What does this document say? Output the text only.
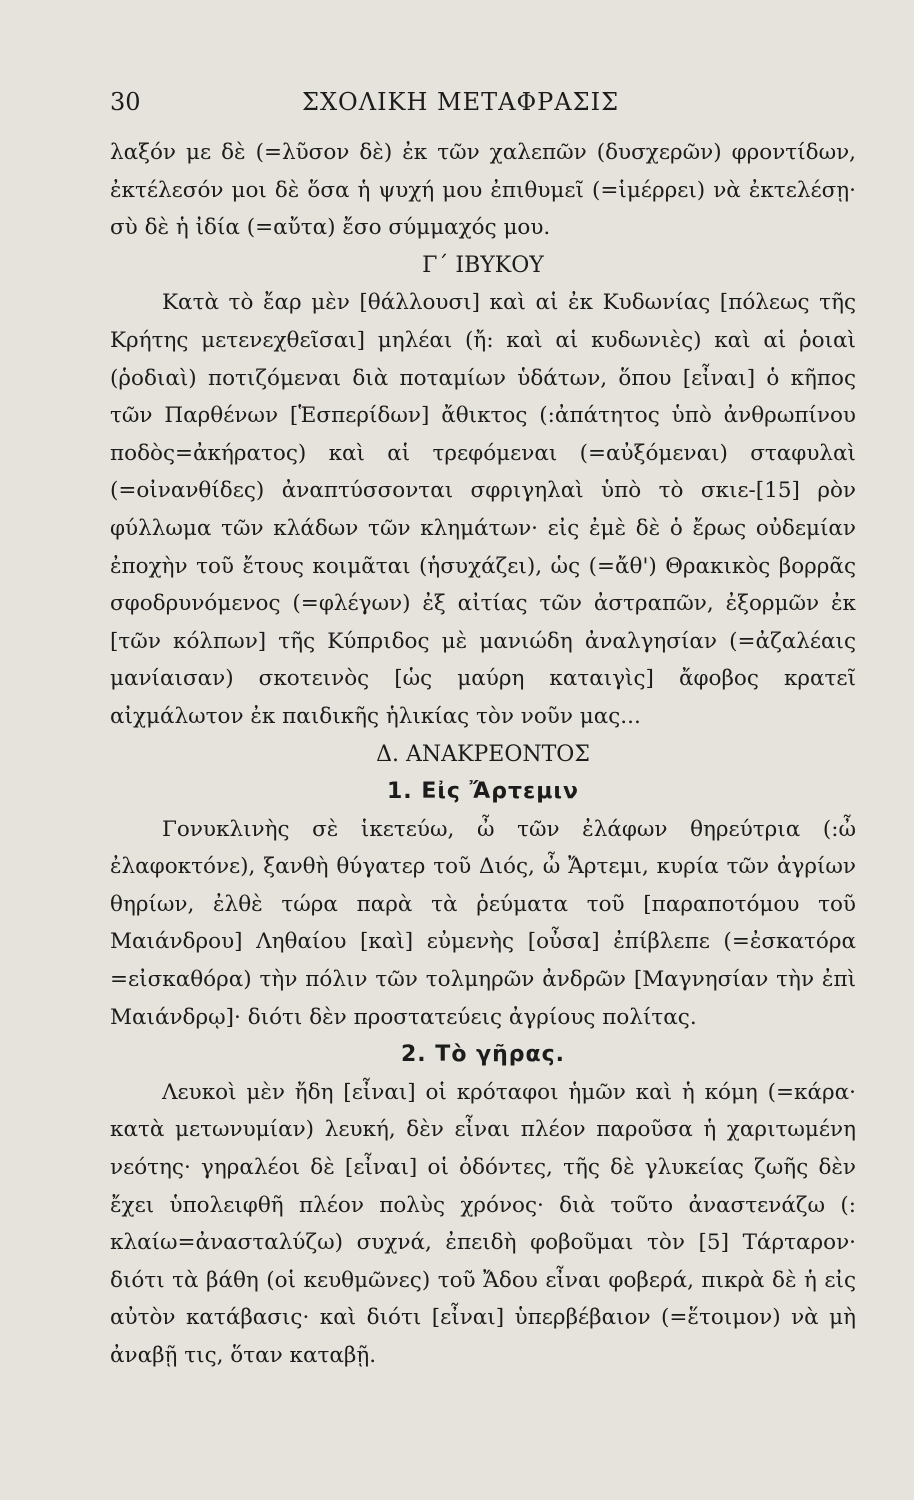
30	ΣΧΟΛΙΚΗ ΜΕΤΑΦΡΑΣΙΣ

λαξόν με δὲ (=λῦσον δὲ) ἐκ τῶν χαλεπῶν (δυσχερῶν) φροντίδων, ἐκτέλεσόν μοι δὲ ὅσα ἡ ψυχή μου ἐπιθυμεῖ (=ἱμέρρει) νὰ ἐκτελέσῃ· σὺ δὲ ἡ ἰδία (=αὔτα) ἔσο σύμμαχός μου.

Γ΄ ΙΒΥΚΟΥ

Κατὰ τὸ ἔαρ μὲν [θάλλουσι] καὶ αἱ ἐκ Κυδωνίας [πόλεως τῆς Κρήτης μετενεχθεῖσαι] μηλέαι (ἤ: καὶ αἱ κυδωνιὲς) καὶ αἱ ῥοιαὶ (ῥοδιαὶ) ποτιζόμεναι διὰ ποταμίων ὑδάτων, ὅπου [εἶναι] ὁ κῆπος τῶν Παρθένων [Ἑσπερίδων] ἄθικτος (:ἀπάτητος ὑπὸ ἀνθρωπίνου ποδὸς=ἀκήρατος) καὶ αἱ τρεφόμεναι (=αὐξόμεναι) σταφυλαὶ (=οἰνανθίδες) ἀναπτύσσονται σφριγηλαὶ ὑπὸ τὸ σκιε-[15] ρὸν φύλλωμα τῶν κλάδων τῶν κλημάτων· εἰς ἐμὲ δὲ ὁ ἔρως οὐδεμίαν ἐποχὴν τοῦ ἔτους κοιμᾶται (ἡσυχάζει), ὡς (=ἄθ') Θρακικὸς βορρᾶς σφοδρυνόμενος (=φλέγων) ἐξ αἰτίας τῶν ἀστραπῶν, ἐξορμῶν ἐκ [τῶν κόλπων] τῆς Κύπριδος μὲ μανιώδη ἀναλγησίαν (=ἀζαλέαις μανίαισαν) σκοτεινὸς [ὡς μαύρη καταιγὶς] ἄφοβος κρατεῖ αἰχμάλωτον ἐκ παιδικῆς ἡλικίας τὸν νοῦν μας...

Δ. ΑΝΑΚΡΕΟΝΤΟΣ

1. Εἰς Ἄρτεμιν

Γονυκλινὴς σὲ ἱκετεύω, ὦ τῶν ἐλάφων θηρεύτρια (:ὦ ἐλαφοκτόνε), ξανθὴ θύγατερ τοῦ Διός, ὦ Ἄρτεμι, κυρία τῶν ἀγρίων θηρίων, ἐλθὲ τώρα παρὰ τὰ ῥεύματα τοῦ [παραποτόμου τοῦ Μαιάνδρου] Ληθαίου [καὶ] εὐμενὴς [οὖσα] ἐπίβλεπε (=ἐσκατόρα =εἰσκαθόρα) τὴν πόλιν τῶν τολμηρῶν ἀνδρῶν [Μαγνησίαν τὴν ἐπὶ Μαιάνδρῳ]· διότι δὲν προστατεύεις ἀγρίους πολίτας.

2. Τὸ γῆρας.

Λευκοὶ μὲν ἤδη [εἶναι] οἱ κρόταφοι ἡμῶν καὶ ἡ κόμη (=κάρα· κατὰ μετωνυμίαν) λευκή, δὲν εἶναι πλέον παροῦσα ἡ χαριτωμένη νεότης· γηραλέοι δὲ [εἶναι] οἱ ὀδόντες, τῆς δὲ γλυκείας ζωῆς δὲν ἔχει ὑπολειφθῆ πλέον πολὺς χρόνος· διὰ τοῦτο ἀναστενάζω (: κλαίω=ἀνασταλύζω) συχνά, ἐπειδὴ φοβοῦμαι τὸν [5] Τάρταρον· διότι τὰ βάθη (οἱ κευθμῶνες) τοῦ Ἄδου εἶναι φοβερά, πικρὰ δὲ ἡ εἰς αὐτὸν κατάβασις· καὶ διότι [εἶναι] ὑπερβέβαιον (=ἕτοιμον) νὰ μὴ ἀναβῇ τις, ὅταν καταβῇ.
